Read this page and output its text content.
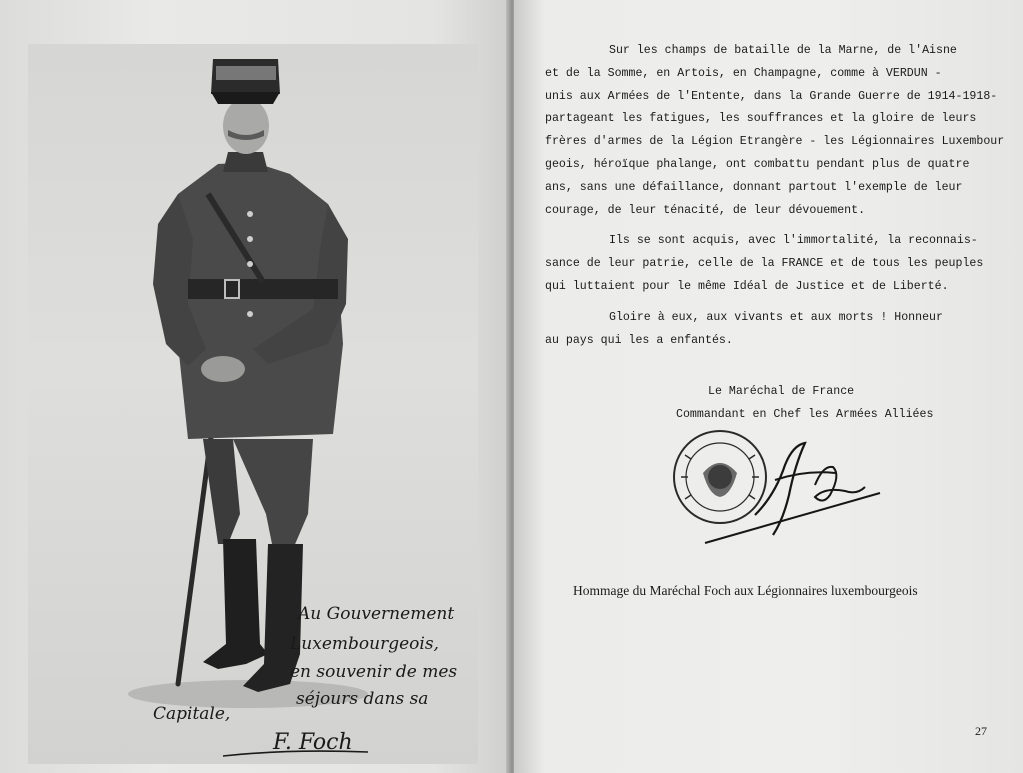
Au Gouvernement
Luxembourgeois,
en souvenir de mes
séjours dans sa
Capitale,
F. Foch
Sur les champs de bataille de la Marne, de l'Aisne
et de la Somme, en Artois, en Champagne, comme à VERDUN -
unis aux Armées de l'Entente, dans la Grande Guerre de 1914-1918-
partageant les fatigues, les souffrances et la gloire de leurs
frères d'armes de la Légion Etrangère - les Légionnaires Luxembour
geois, héroïque phalange, ont combattu pendant plus de quatre
ans, sans une défaillance, donnant partout l'exemple de leur
courage, de leur ténacité, de leur dévouement.
Ils se sont acquis, avec l'immortalité, la reconnais-
sance de leur patrie, celle de la FRANCE et de tous les peuples
qui luttaient pour le même Idéal de Justice et de Liberté.
Gloire à eux, aux vivants et aux morts ! Honneur
au pays qui les a enfantés.
Le Maréchal de France
Commandant en Chef les Armées Alliées
Hommage du Maréchal Foch aux Légionnaires luxembourgeois
27
